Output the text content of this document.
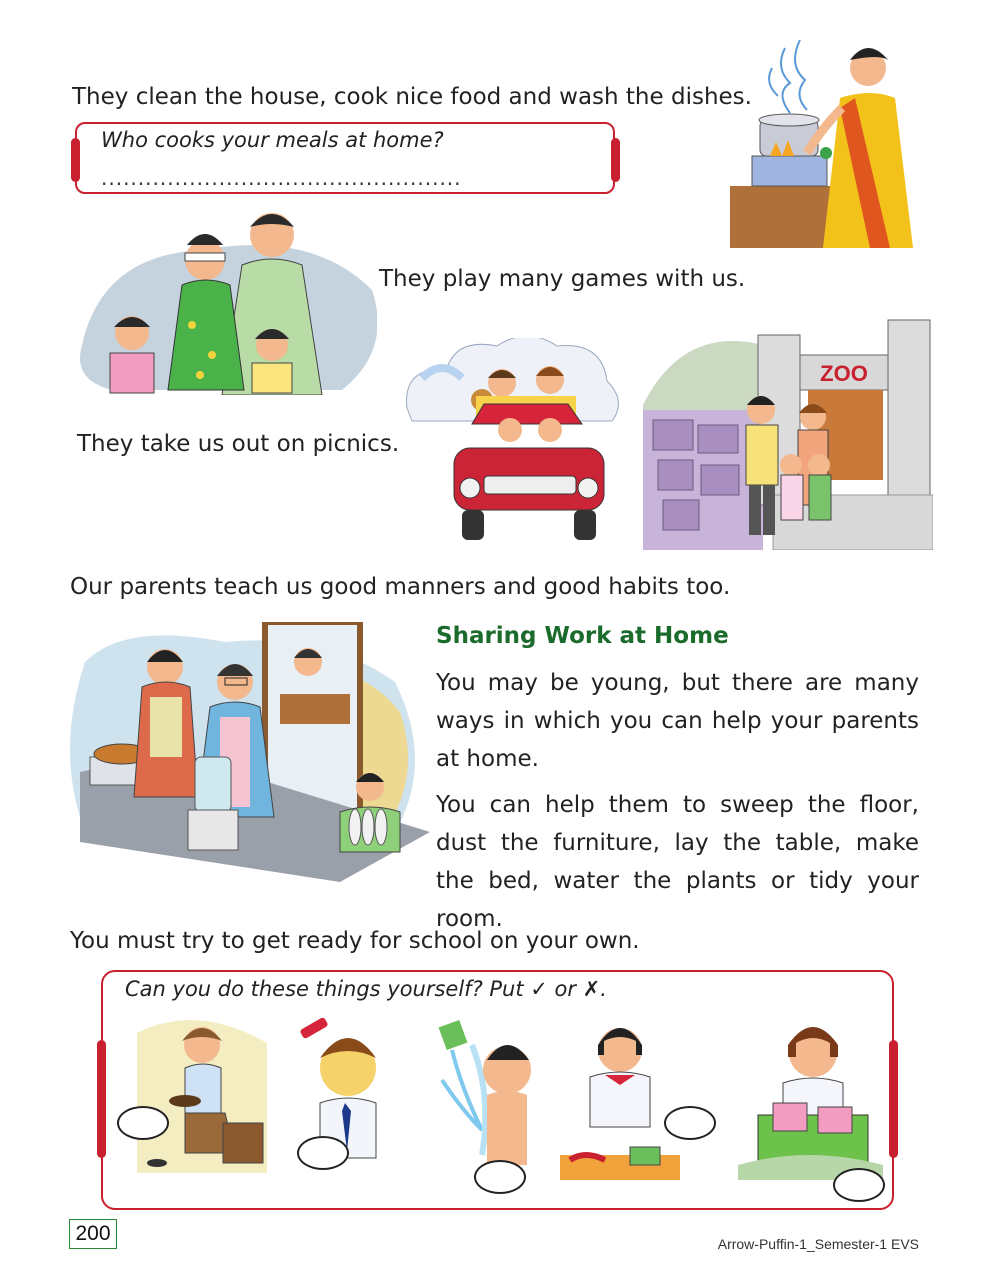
They clean the house, cook nice food and wash the dishes.
Who cooks your meals at home?
.................................................
They play many games with us.
ZOO
They take us out on picnics.
Our parents teach us good manners and good habits too.
Sharing Work at Home
You may be young, but there are many ways in which you can help your parents at home.
You can help them to sweep the floor, dust the furniture, lay the table, make the bed, water the plants or tidy your room.
You must try to get ready for school on your own.
Can you do these things yourself? Put ✓ or ✗.
200	Arrow-Puffin-1_Semester-1 EVS
